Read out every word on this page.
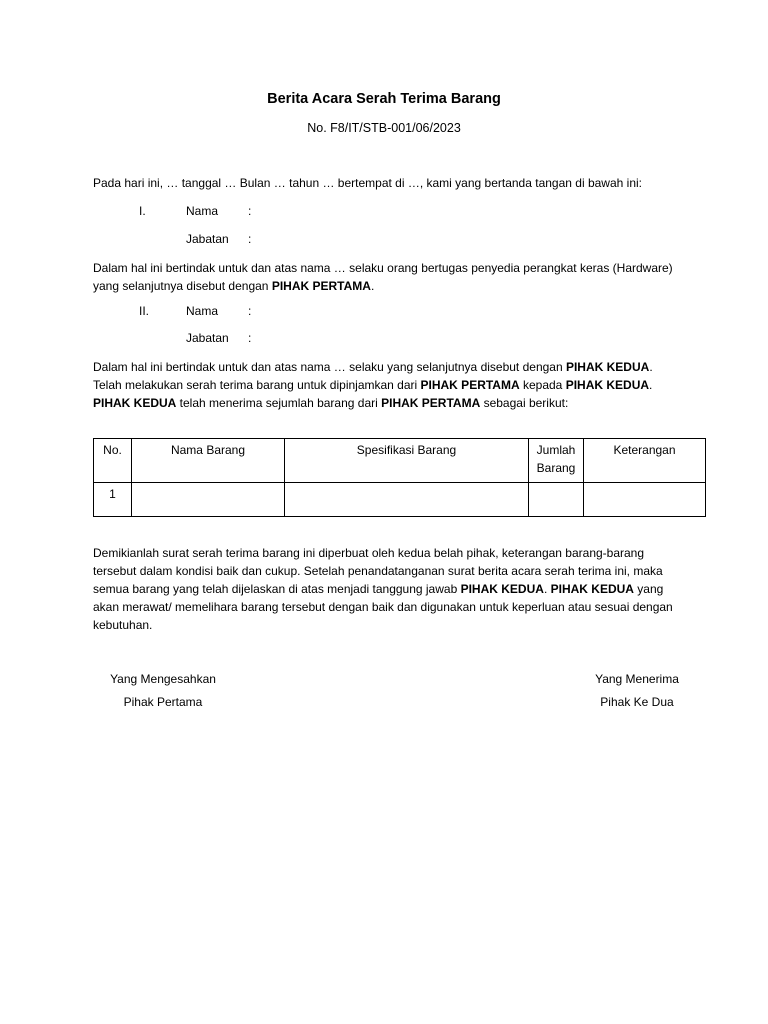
Berita Acara Serah Terima Barang
No. F8/IT/STB-001/06/2023
Pada hari ini, … tanggal … Bulan … tahun … bertempat di …, kami yang bertanda tangan di bawah ini:
I.	Nama :
Jabatan :
Dalam hal ini bertindak untuk dan atas nama … selaku orang bertugas penyedia perangkat keras (Hardware) yang selanjutnya disebut dengan PIHAK PERTAMA.
II.	Nama :
Jabatan :
Dalam hal ini bertindak untuk dan atas nama … selaku yang selanjutnya disebut dengan PIHAK KEDUA. Telah melakukan serah terima barang untuk dipinjamkan dari PIHAK PERTAMA kepada PIHAK KEDUA. PIHAK KEDUA telah menerima sejumlah barang dari PIHAK PERTAMA sebagai berikut:
No.	Nama Barang	Spesifikasi Barang	Jumlah Barang	Keterangan
1				
Demikianlah surat serah terima barang ini diperbuat oleh kedua belah pihak, keterangan barang-barang tersebut dalam kondisi baik dan cukup. Setelah penandatanganan surat berita acara serah terima ini, maka semua barang yang telah dijelaskan di atas menjadi tanggung jawab PIHAK KEDUA. PIHAK KEDUA yang akan merawat/ memelihara barang tersebut dengan baik dan digunakan untuk keperluan atau sesuai dengan kebutuhan.
Yang Mengesahkan
Pihak Pertama
Yang Menerima
Pihak Ke Dua
